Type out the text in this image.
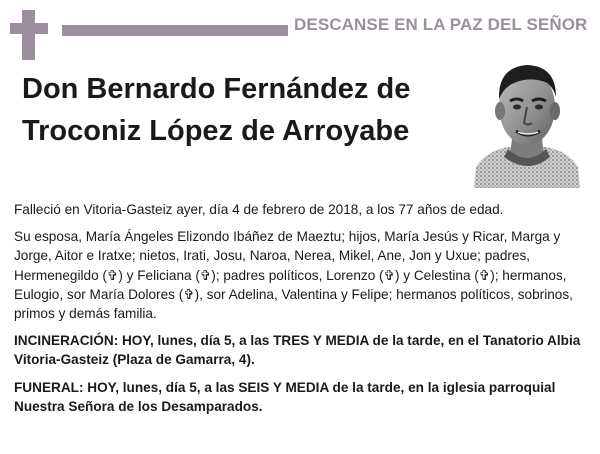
DESCANSE EN LA PAZ DEL SEÑOR
Don Bernardo Fernández de
Troconiz López de Arroyabe

Falleció en Vitoria-Gasteiz ayer, día 4 de febrero de 2018, a los 77 años de edad.

Su esposa, María Ángeles Elizondo Ibáñez de Maeztu; hijos, María Jesús y Ricar, Marga y Jorge, Aitor e Iratxe; nietos, Irati, Josu, Naroa, Nerea, Mikel, Ane, Jon y Uxue; padres, Hermenegildo (✞) y Feliciana (✞); padres políticos, Lorenzo (✞) y Celestina (✞); hermanos, Eulogio, sor María Dolores (✞), sor Adelina, Valentina y Felipe; hermanos políticos, sobrinos, primos y demás familia.

INCINERACIÓN: HOY, lunes, día 5, a las TRES Y MEDIA de la tarde, en el Tanatorio Albia Vitoria-Gasteiz (Plaza de Gamarra, 4).

FUNERAL: HOY, lunes, día 5, a las SEIS Y MEDIA de la tarde, en la iglesia parroquial Nuestra Señora de los Desamparados.
